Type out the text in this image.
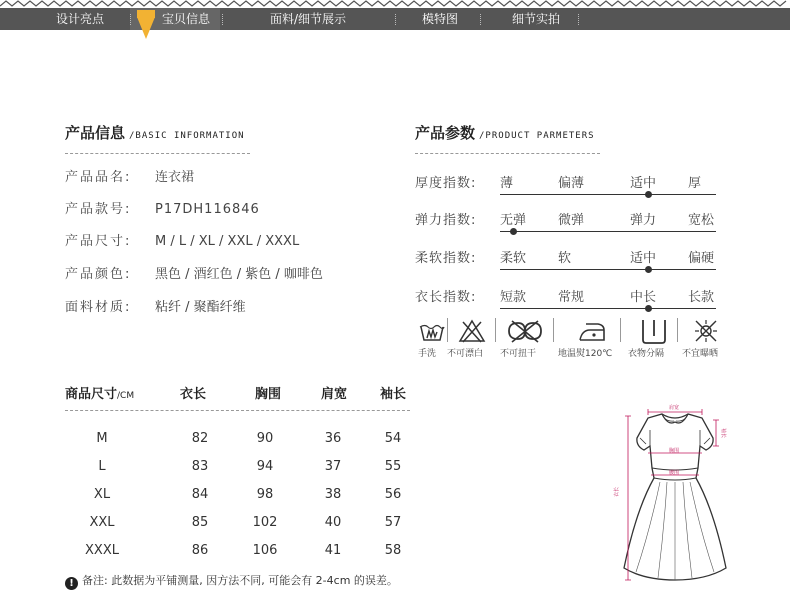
设计亮点	宝贝信息	面料/细节展示	模特图	细节实拍
产品信息 /BASIC INFORMATION
产品品名: 连衣裙
产品款号: P17DH116846
产品尺寸: M / L / XL / XXL / XXXL
产品颜色: 黑色 / 酒红色 / 紫色 / 咖啡色
面料材质: 粘纤 / 聚酯纤维
产品参数 /PRODUCT PARMETERS
厚度指数: 薄	偏薄	适中 厚
弹力指数: 无弹 微弹	弹力 宽松
柔软指数: 柔软 软	适中 偏硬
衣长指数: 短款 常规	中长 长款
手洗 不可漂白 不可扭干 地温熨120℃ 衣物分隔 不宜曝晒
商品尺寸/CM	衣长	胸围	肩宽	袖长
M	82	90	36	54
L	83	94	37	55
XL	84	98	38	56
XXL	85	102	40	57
XXXL	86	106	41	58
! 备注: 此数据为平铺测量, 因方法不同, 可能会有 2-4cm 的误差。
肩宽
胸围
腰围
衣长
袖长
